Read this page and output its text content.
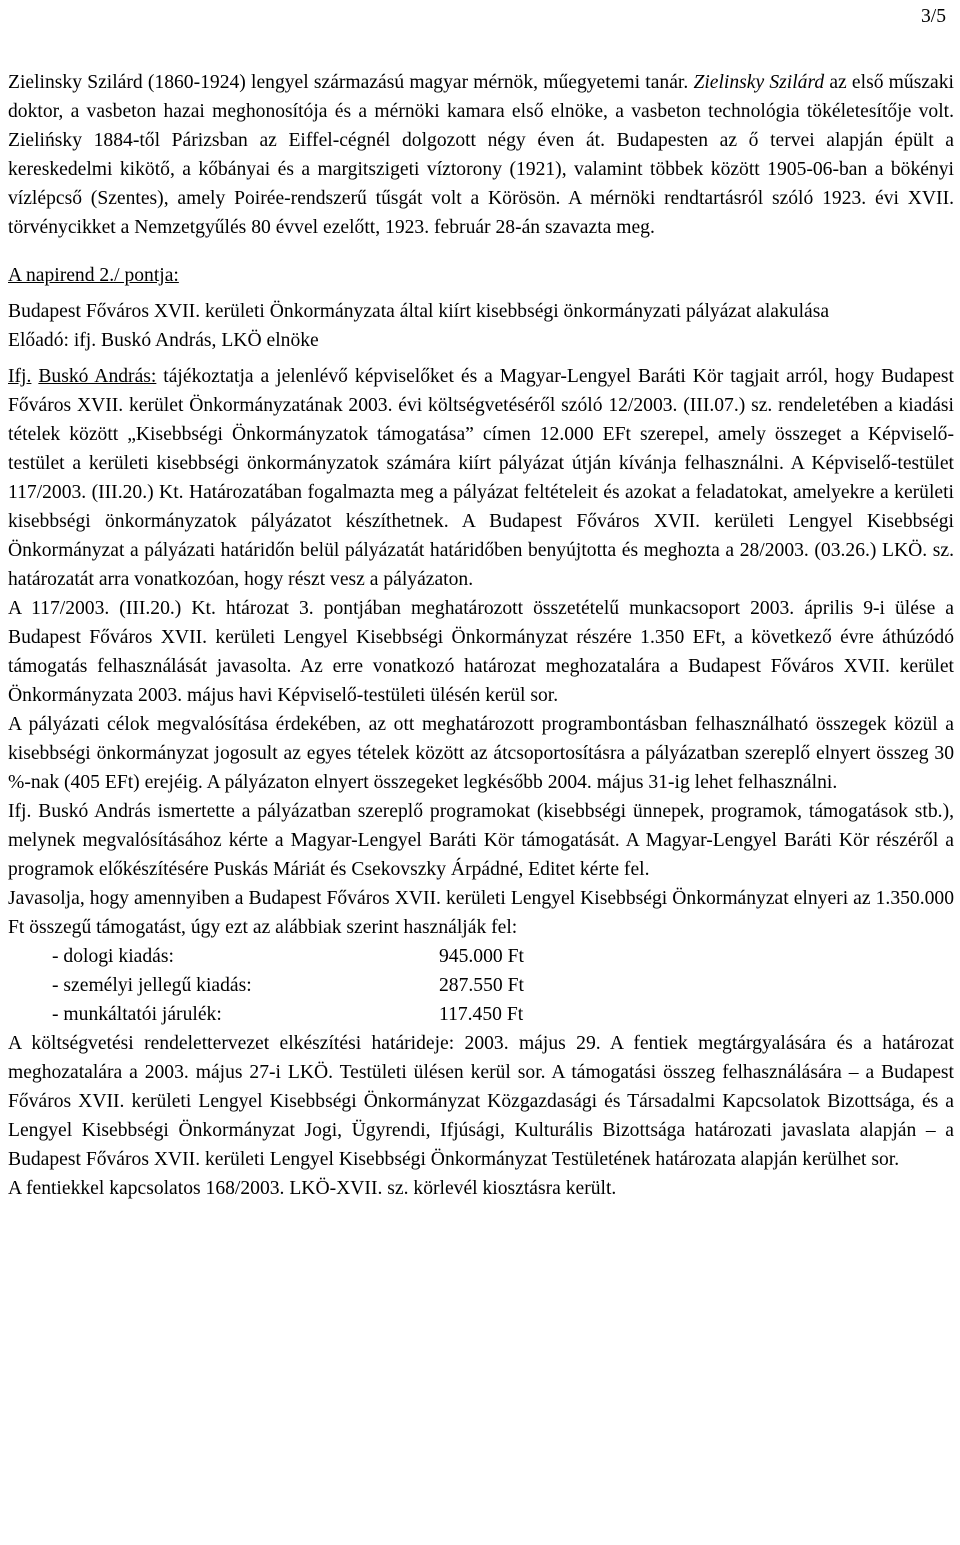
3/5

Zielinsky Szilárd (1860-1924) lengyel származású magyar mérnök, műegyetemi tanár. Zielinsky Szilárd az első műszaki doktor, a vasbeton hazai meghonosítója és a mérnöki kamara első elnöke, a vasbeton technológia tökéletesítője volt. Zielińsky 1884-től Párizsban az Eiffel-cégnél dolgozott négy éven át. Budapesten az ő tervei alapján épült a kereskedelmi kikötő, a kőbányai és a margitszigeti víztorony (1921), valamint többek között 1905-06-ban a bökényi vízlépcső (Szentes), amely Poirée-rendszerű tűsgát volt a Körösön. A mérnöki rendtartásról szóló 1923. évi XVII. törvénycikket a Nemzetgyűlés 80 évvel ezelőtt, 1923. február 28-án szavazta meg.

A napirend 2./ pontja:

Budapest Főváros XVII. kerületi Önkormányzata által kiírt kisebbségi önkormányzati pályázat alakulása

Előadó: ifj. Buskó András, LKÖ elnöke

Ifj. Buskó András: tájékoztatja a jelenlévő képviselőket és a Magyar-Lengyel Baráti Kör tagjait arról, hogy Budapest Főváros XVII. kerület Önkormányzatának 2003. évi költségvetéséről szóló 12/2003. (III.07.) sz. rendeletében a kiadási tételek között „Kisebbségi Önkormányzatok támogatása” címen 12.000 EFt szerepel, amely összeget a Képviselő-testület a kerületi kisebbségi önkormányzatok számára kiírt pályázat útján kívánja felhasználni. A Képviselő-testület 117/2003. (III.20.) Kt. Határozatában fogalmazta meg a pályázat feltételeit és azokat a feladatokat, amelyekre a kerületi kisebbségi önkormányzatok pályázatot készíthetnek. A Budapest Főváros XVII. kerületi Lengyel Kisebbségi Önkormányzat a pályázati határidőn belül pályázatát határidőben benyújtotta és meghozta a 28/2003. (03.26.) LKÖ. sz. határozatát arra vonatkozóan, hogy részt vesz a pályázaton.

A 117/2003. (III.20.) Kt. htározat 3. pontjában meghatározott összetételű munkacsoport 2003. április 9-i ülése a Budapest Főváros XVII. kerületi Lengyel Kisebbségi Önkormányzat részére 1.350 EFt, a következő évre áthúzódó támogatás felhasználását javasolta. Az erre vonatkozó határozat meghozatalára a Budapest Főváros XVII. kerület Önkormányzata 2003. május havi Képviselő-testületi ülésén kerül sor.

A pályázati célok megvalósítása érdekében, az ott meghatározott programbontásban felhasználható összegek közül a kisebbségi önkormányzat jogosult az egyes tételek között az átcsoportosításra a pályázatban szereplő elnyert összeg 30 %-nak (405 EFt) erejéig. A pályázaton elnyert összegeket legkésőbb 2004. május 31-ig lehet felhasználni.

Ifj. Buskó András ismertette a pályázatban szereplő programokat (kisebbségi ünnepek, programok, támogatások stb.), melynek megvalósításához kérte a Magyar-Lengyel Baráti Kör támogatását. A Magyar-Lengyel Baráti Kör részéről a programok előkészítésére Puskás Máriát és Csekovszky Árpádné, Editet kérte fel.

Javasolja, hogy amennyiben a Budapest Főváros XVII. kerületi Lengyel Kisebbségi Önkormányzat elnyeri az 1.350.000 Ft összegű támogatást, úgy ezt az alábbiak szerint használják fel:

- dologi kiadás:	945.000 Ft
- személyi jellegű kiadás:	287.550 Ft
- munkáltatói járulék:	117.450 Ft

A költségvetési rendelettervezet elkészítési határideje: 2003. május 29. A fentiek megtárgyalására és a határozat meghozatalára a 2003. május 27-i LKÖ. Testületi ülésen kerül sor. A támogatási összeg felhasználására – a Budapest Főváros XVII. kerületi Lengyel Kisebbségi Önkormányzat Közgazdasági és Társadalmi Kapcsolatok Bizottsága, és a Lengyel Kisebbségi Önkormányzat Jogi, Ügyrendi, Ifjúsági, Kulturális Bizottsága határozati javaslata alapján – a Budapest Főváros XVII. kerületi Lengyel Kisebbségi Önkormányzat Testületének határozata alapján kerülhet sor.

A fentiekkel kapcsolatos 168/2003. LKÖ-XVII. sz. körlevél kiosztásra került.
